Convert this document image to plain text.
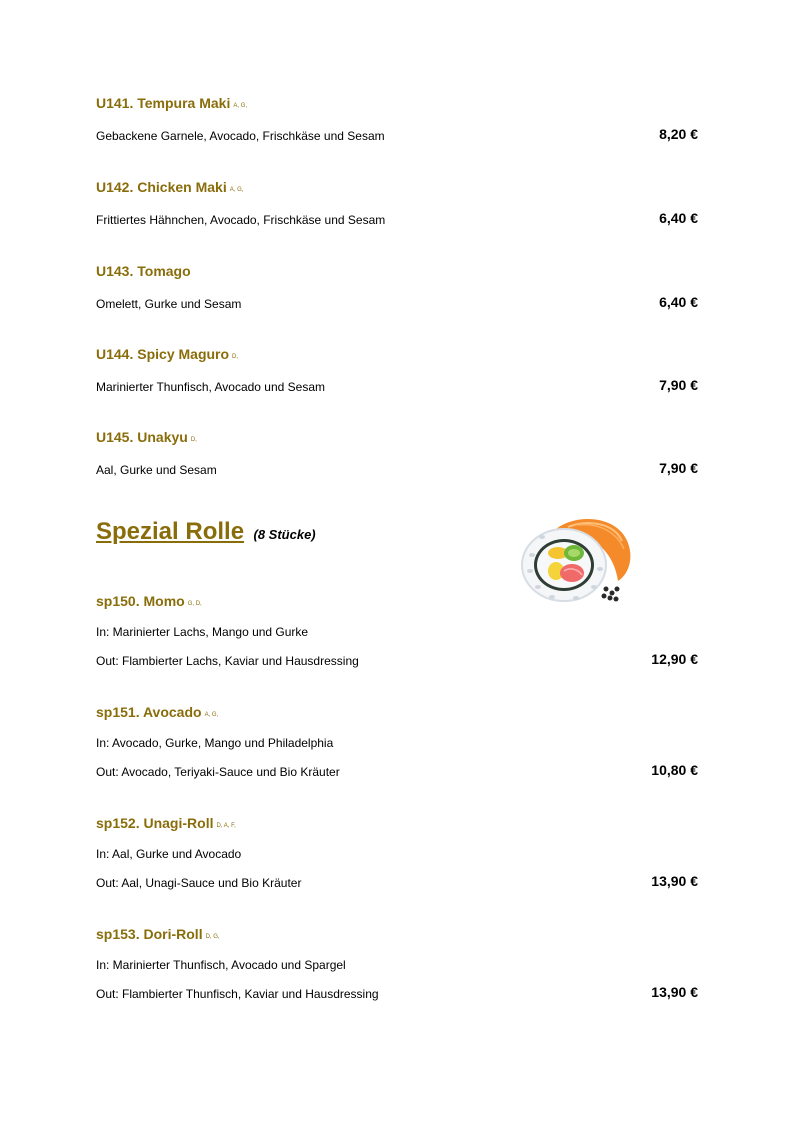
U141. Tempura Maki A, G,
Gebackene Garnele, Avocado, Frischkäse und Sesam	8,20 €
U142. Chicken Maki A, G,
Frittiertes Hähnchen, Avocado, Frischkäse und Sesam	6,40 €
U143. Tomago
Omelett, Gurke und Sesam	6,40 €
U144. Spicy Maguro D,
Marinierter Thunfisch, Avocado und Sesam	7,90 €
U145. Unakyu D,
Aal, Gurke und Sesam	7,90 €
Spezial Rolle (8 Stücke)
sp150. Momo G, D,
In: Marinierter Lachs, Mango und Gurke
Out: Flambierter Lachs, Kaviar und Hausdressing	12,90 €
sp151. Avocado A, G,
In: Avocado, Gurke, Mango und Philadelphia
Out: Avocado, Teriyaki-Sauce und Bio Kräuter	10,80 €
sp152. Unagi-Roll D, A, F,
In: Aal, Gurke und Avocado
Out: Aal, Unagi-Sauce und Bio Kräuter	13,90 €
sp153. Dori-Roll D, G,
In: Marinierter Thunfisch, Avocado und Spargel
Out: Flambierter Thunfisch, Kaviar und Hausdressing	13,90 €
